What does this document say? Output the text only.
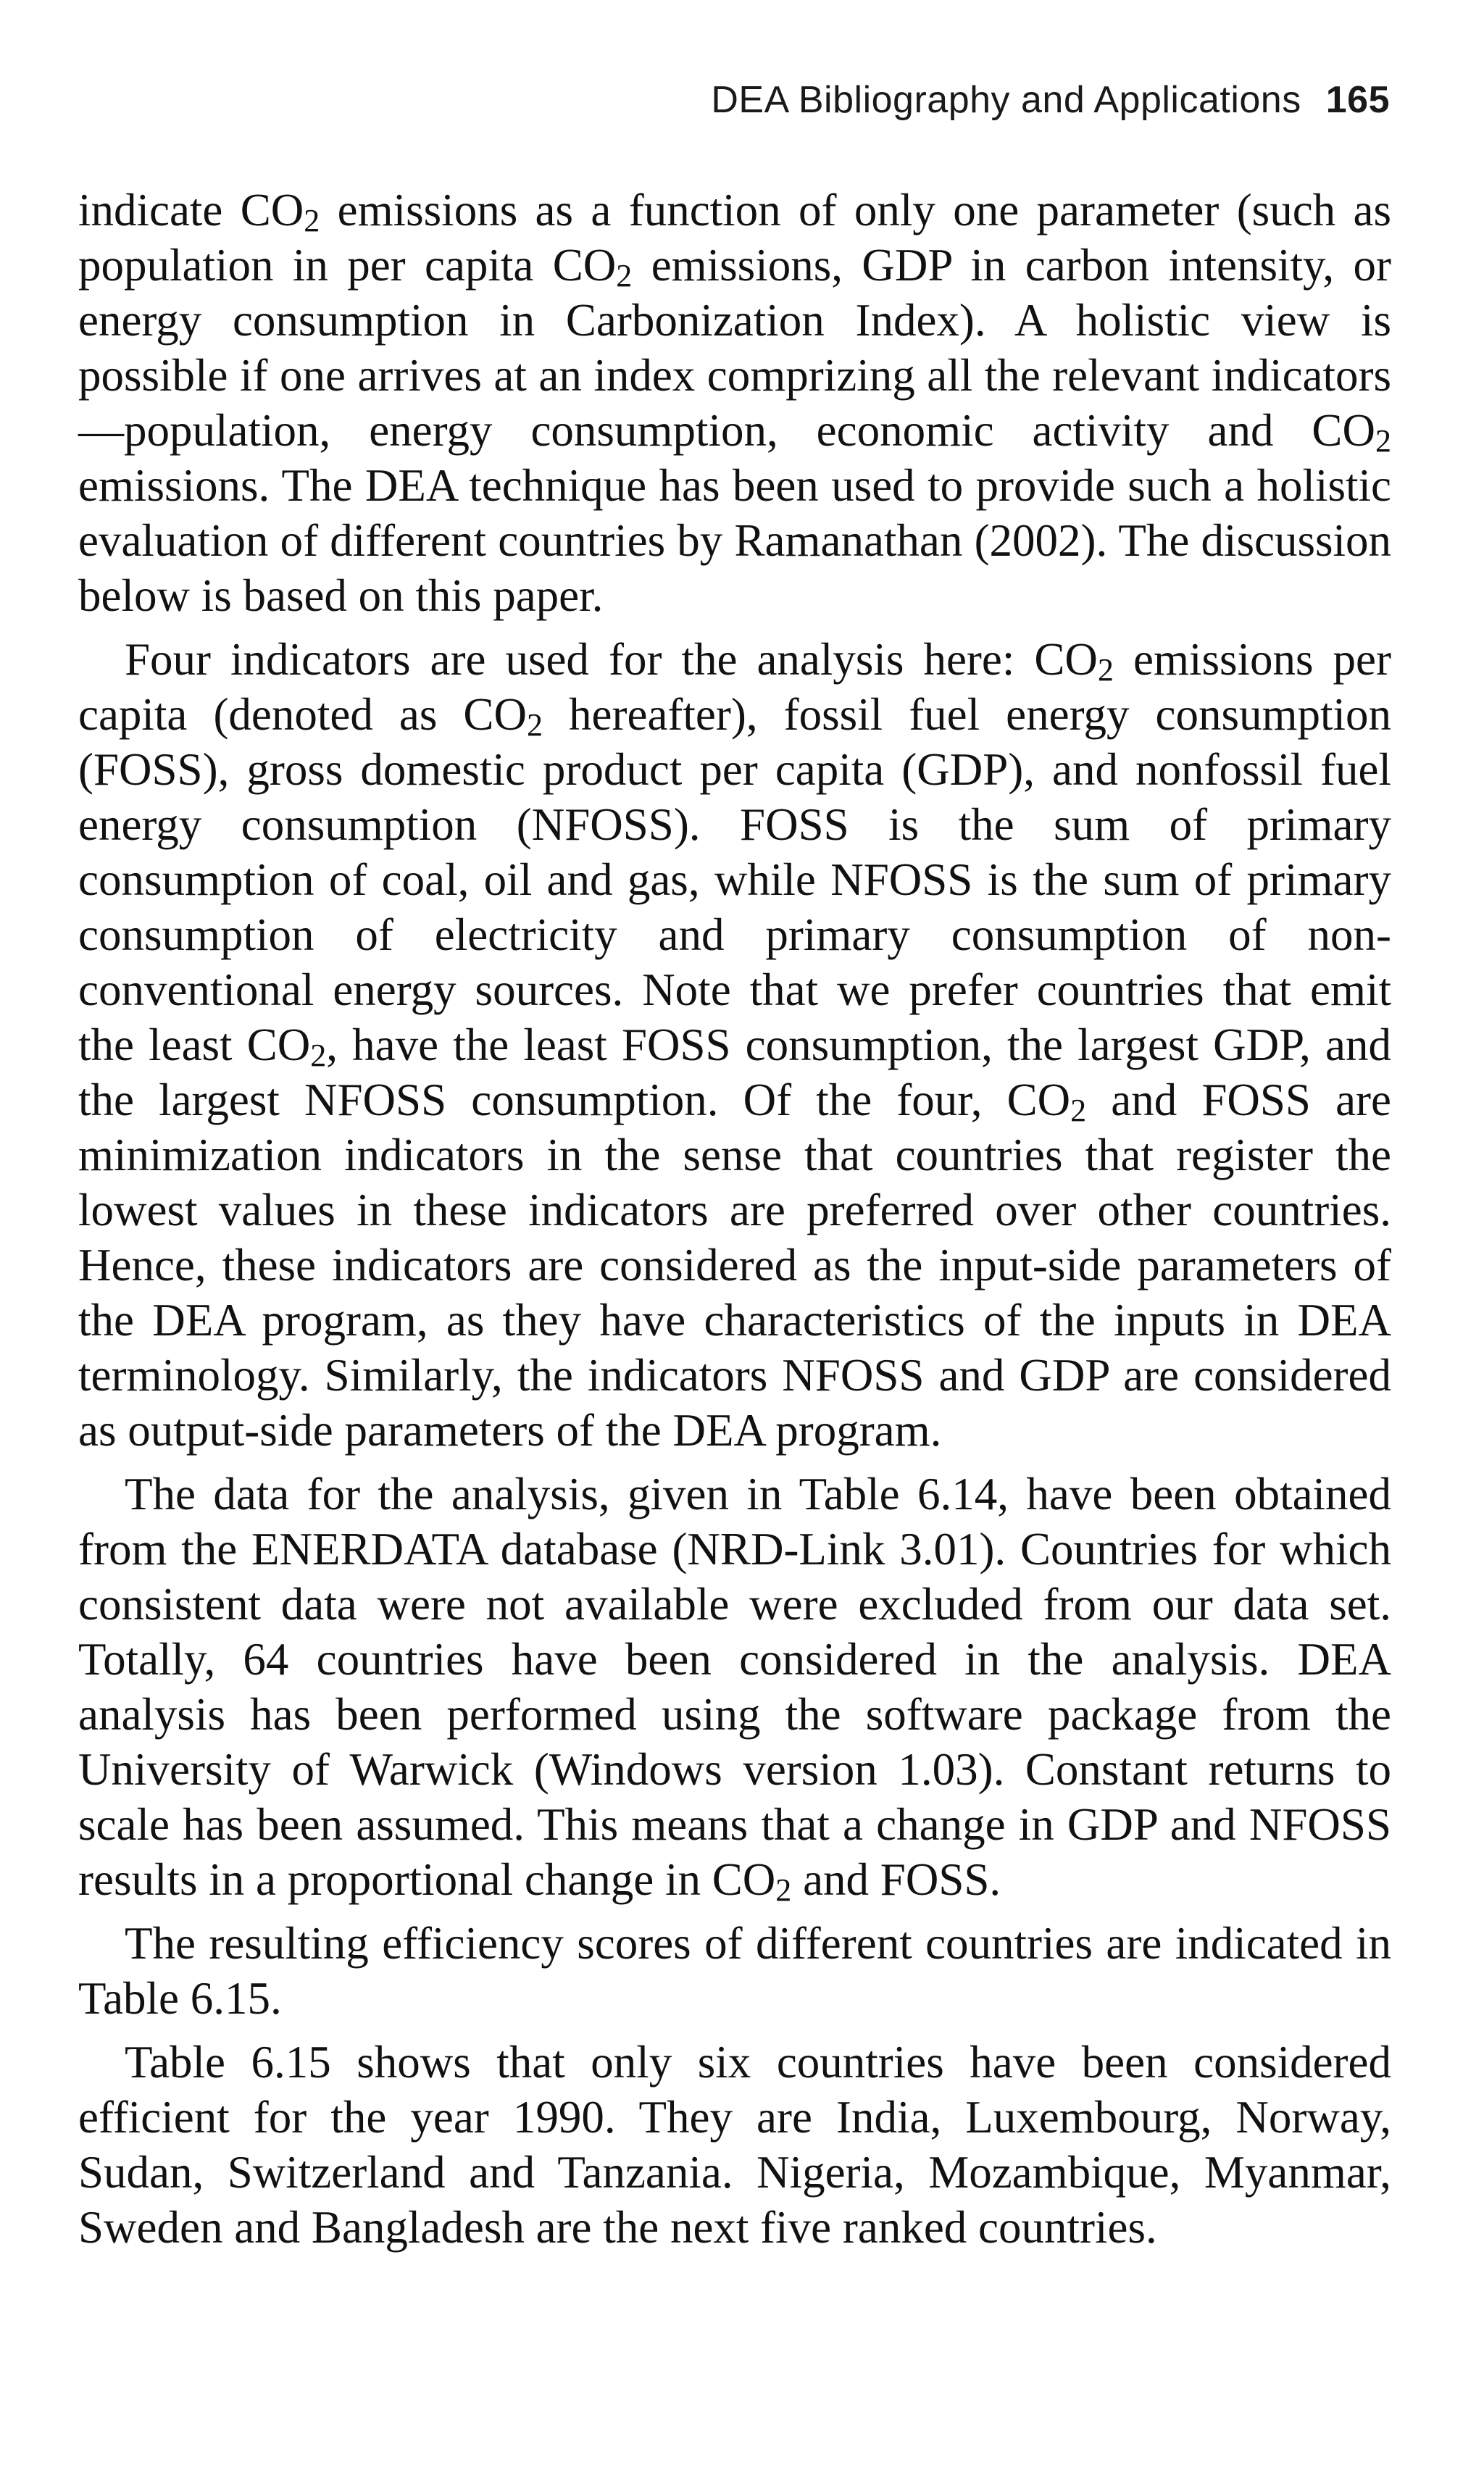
DEA Bibliography and Applications 165

indicate $CO_2$ emissions as a function of only one parameter (such as population in per capita $CO_2$ emissions, GDP in carbon intensity, or energy consumption in Carbonization Index). A holistic view is possible if one arrives at an index comprizing all the relevant indicators—population, energy consumption, economic activity and $CO_2$ emissions. The DEA technique has been used to provide such a holistic evaluation of different countries by Ramanathan (2002). The discussion below is based on this paper.

Four indicators are used for the analysis here: $CO_2$ emissions per capita (denoted as $CO_2$ hereafter), fossil fuel energy consumption (FOSS), gross domestic product per capita (GDP), and nonfossil fuel energy consumption (NFOSS). FOSS is the sum of primary consumption of coal, oil and gas, while NFOSS is the sum of primary consumption of electricity and primary consumption of non-conventional energy sources. Note that we prefer countries that emit the least $CO_2$, have the least FOSS consumption, the largest GDP, and the largest NFOSS consumption. Of the four, $CO_2$ and FOSS are minimization indicators in the sense that countries that register the lowest values in these indicators are preferred over other countries. Hence, these indicators are considered as the input-side parameters of the DEA program, as they have characteristics of the inputs in DEA terminology. Similarly, the indicators NFOSS and GDP are considered as output-side parameters of the DEA program.

The data for the analysis, given in Table 6.14, have been obtained from the ENERDATA database (NRD-Link 3.01). Countries for which consistent data were not available were excluded from our data set. Totally, 64 countries have been considered in the analysis. DEA analysis has been performed using the software package from the University of Warwick (Windows version 1.03). Constant returns to scale has been assumed. This means that a change in GDP and NFOSS results in a proportional change in $CO_2$ and FOSS.

The resulting efficiency scores of different countries are indicated in Table 6.15.

Table 6.15 shows that only six countries have been considered efficient for the year 1990. They are India, Luxembourg, Norway, Sudan, Switzerland and Tanzania. Nigeria, Mozambique, Myanmar, Sweden and Bangladesh are the next five ranked countries.
